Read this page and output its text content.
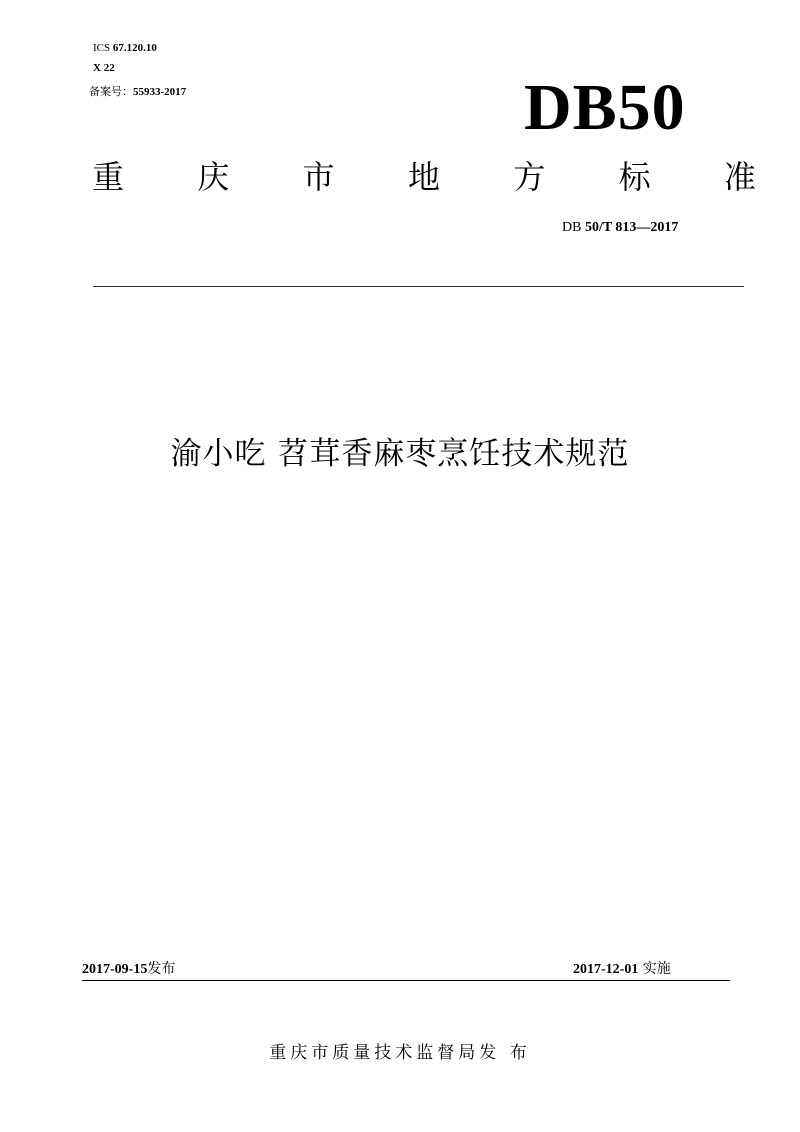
ICS 67.120.10
X 22
备案号：55933-2017	DB50
重 庆 市 地 方 标 准
DB 50/T 813—2017
渝小吃 苕茸香麻枣烹饪技术规范
2017-09-15发布	2017-12-01 实施
重庆市质量技术监督局发 布
